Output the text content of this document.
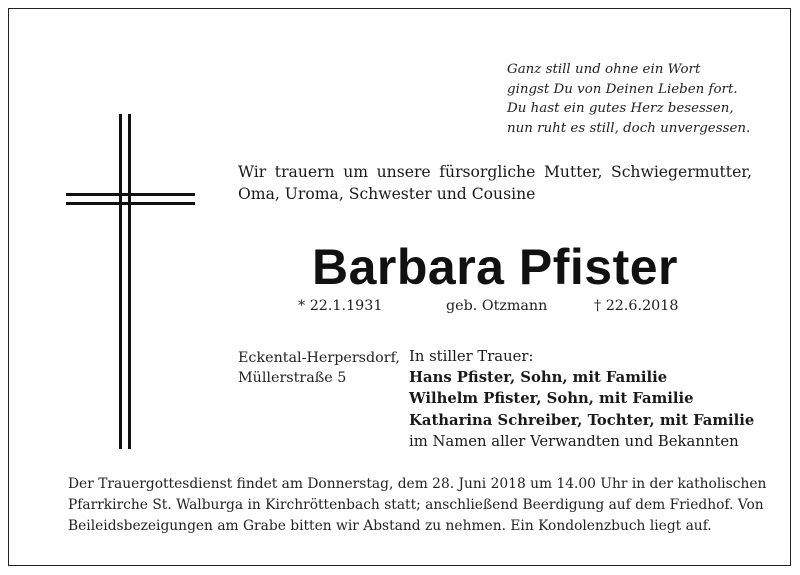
Ganz still und ohne ein Wort
gingst Du von Deinen Lieben fort.
Du hast ein gutes Herz besessen,
nun ruht es still, doch unvergessen.
Wir trauern um unsere fürsorgliche Mutter, Schwiegermutter,
Oma, Uroma, Schwester und Cousine
Barbara Pfister
* 22.1.1931	geb. Otzmann	† 22.6.2018
Eckental-Herpersdorf,
Müllerstraße 5
In stiller Trauer:
Hans Pfister, Sohn, mit Familie
Wilhelm Pfister, Sohn, mit Familie
Katharina Schreiber, Tochter, mit Familie
im Namen aller Verwandten und Bekannten
Der Trauergottesdienst findet am Donnerstag, dem 28. Juni 2018 um 14.00 Uhr in der katholischen
Pfarrkirche St. Walburga in Kirchröttenbach statt; anschließend Beerdigung auf dem Friedhof. Von
Beileidsbezeigungen am Grabe bitten wir Abstand zu nehmen. Ein Kondolenzbuch liegt auf.
